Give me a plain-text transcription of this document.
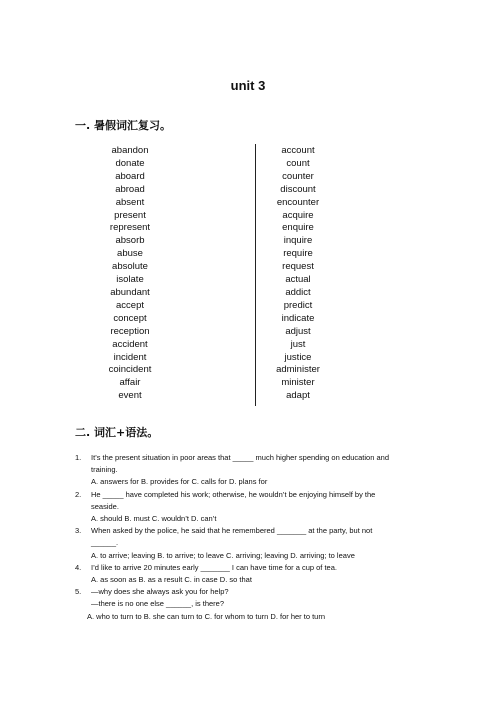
unit 3
一. 暑假词汇复习。
abandon
donate
aboard
abroad
absent
present
represent
absorb
abuse
absolute
isolate
abundant
accept
concept
reception
accident
incident
coincident
affair
event
account
count
counter
discount
encounter
acquire
enquire
inquire
require
request
actual
addict
predict
indicate
adjust
just
justice
administer
minister
adapt
二. 词汇+语法。
1. It’s the present situation in poor areas that _____ much higher spending on education and
training.
A. answers for B. provides for C. calls for D. plans for
2. He _____ have completed his work; otherwise, he wouldn’t be enjoying himself by the
seaside.
A. should B. must C. wouldn’t D. can’t
3. When asked by the police, he said that he remembered _______ at the party, but not
______.
A. to arrive; leaving B. to arrive; to leave C. arriving; leaving D. arriving; to leave
4. I’d like to arrive 20 minutes early _______ I can have time for a cup of tea.
A. as soon as B. as a result C. in case D. so that
5. —why does she always ask you for help?
—there is no one else ______, is there?
A. who to turn to B. she can turn to C. for whom to turn D. for her to turn
